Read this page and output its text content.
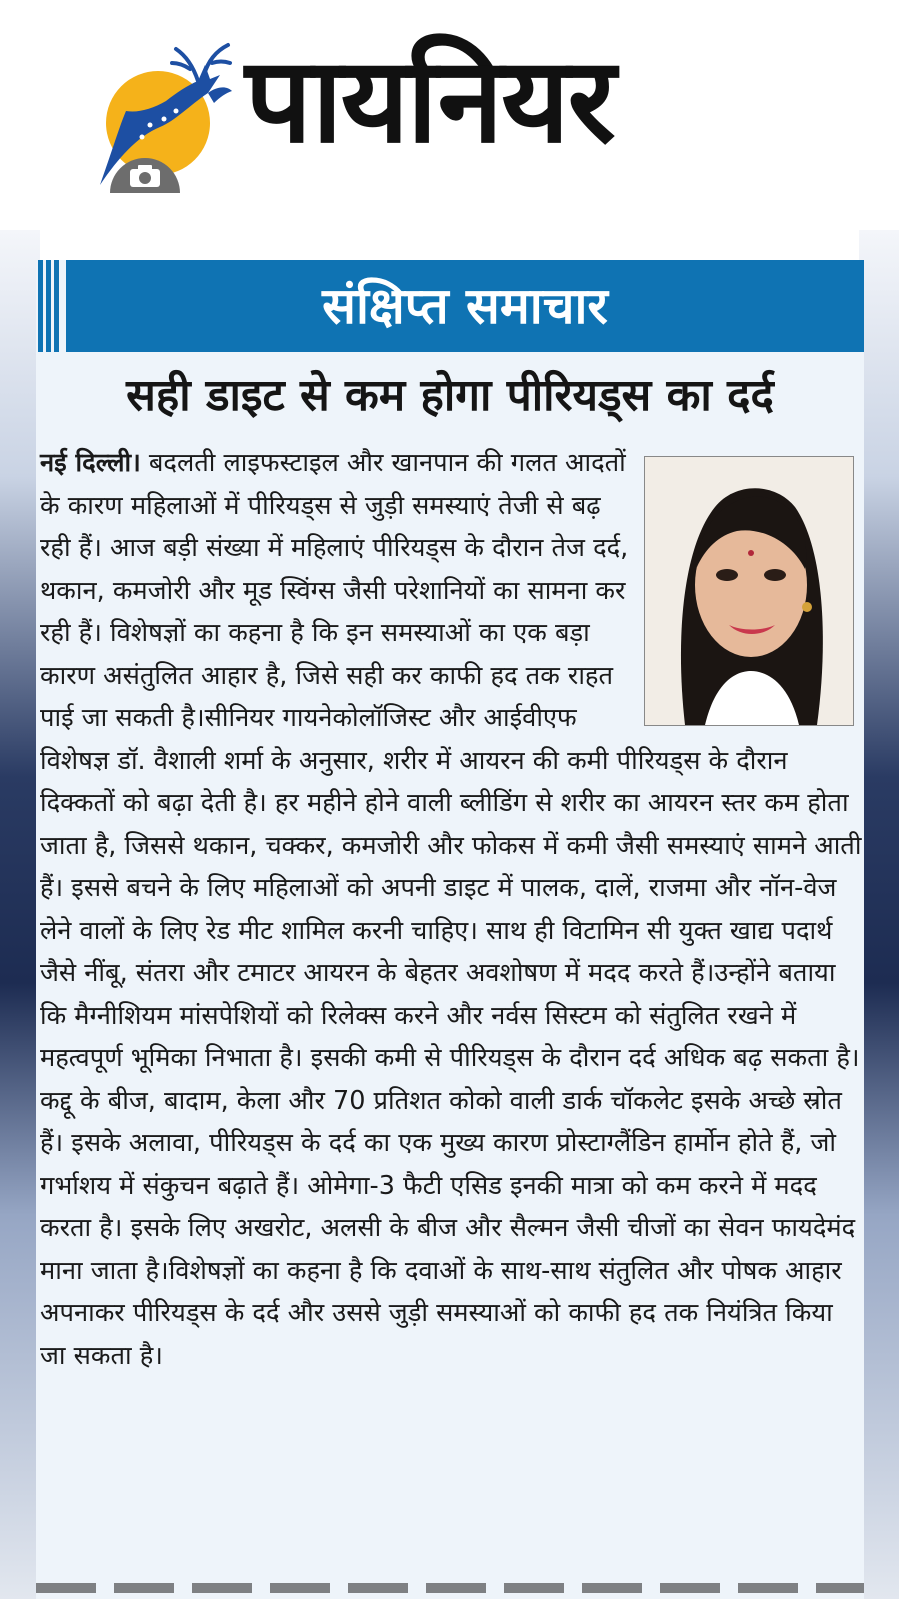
पायनियर
संक्षिप्त समाचार
सही डाइट से कम होगा पीरियड्स का दर्द
नई दिल्ली। बदलती लाइफस्टाइल और खानपान की गलत आदतों के कारण महिलाओं में पीरियड्स से जुड़ी समस्याएं तेजी से बढ़ रही हैं। आज बड़ी संख्या में महिलाएं पीरियड्स के दौरान तेज दर्द, थकान, कमजोरी और मूड स्विंग्स जैसी परेशानियों का सामना कर रही हैं। विशेषज्ञों का कहना है कि इन समस्याओं का एक बड़ा कारण असंतुलित आहार है, जिसे सही कर काफी हद तक राहत पाई जा सकती है।सीनियर गायनेकोलॉजिस्ट और आईवीएफ विशेषज्ञ डॉ. वैशाली शर्मा के अनुसार, शरीर में आयरन की कमी पीरियड्स के दौरान दिक्कतों को बढ़ा देती है। हर महीने होने वाली ब्लीडिंग से शरीर का आयरन स्तर कम होता जाता है, जिससे थकान, चक्कर, कमजोरी और फोकस में कमी जैसी समस्याएं सामने आती हैं। इससे बचने के लिए महिलाओं को अपनी डाइट में पालक, दालें, राजमा और नॉन-वेज लेने वालों के लिए रेड मीट शामिल करनी चाहिए। साथ ही विटामिन सी युक्त खाद्य पदार्थ जैसे नींबू, संतरा और टमाटर आयरन के बेहतर अवशोषण में मदद करते हैं।उन्होंने बताया कि मैग्नीशियम मांसपेशियों को रिलेक्स करने और नर्वस सिस्टम को संतुलित रखने में महत्वपूर्ण भूमिका निभाता है। इसकी कमी से पीरियड्स के दौरान दर्द अधिक बढ़ सकता है। कद्दू के बीज, बादाम, केला और 70 प्रतिशत कोको वाली डार्क चॉकलेट इसके अच्छे स्रोत हैं। इसके अलावा, पीरियड्स के दर्द का एक मुख्य कारण प्रोस्टाग्लैंडिन हार्मोन होते हैं, जो गर्भाशय में संकुचन बढ़ाते हैं। ओमेगा-3 फैटी एसिड इनकी मात्रा को कम करने में मदद करता है। इसके लिए अखरोट, अलसी के बीज और सैल्मन जैसी चीजों का सेवन फायदेमंद माना जाता है।विशेषज्ञों का कहना है कि दवाओं के साथ-साथ संतुलित और पोषक आहार अपनाकर पीरियड्स के दर्द और उससे जुड़ी समस्याओं को काफी हद तक नियंत्रित किया जा सकता है।
